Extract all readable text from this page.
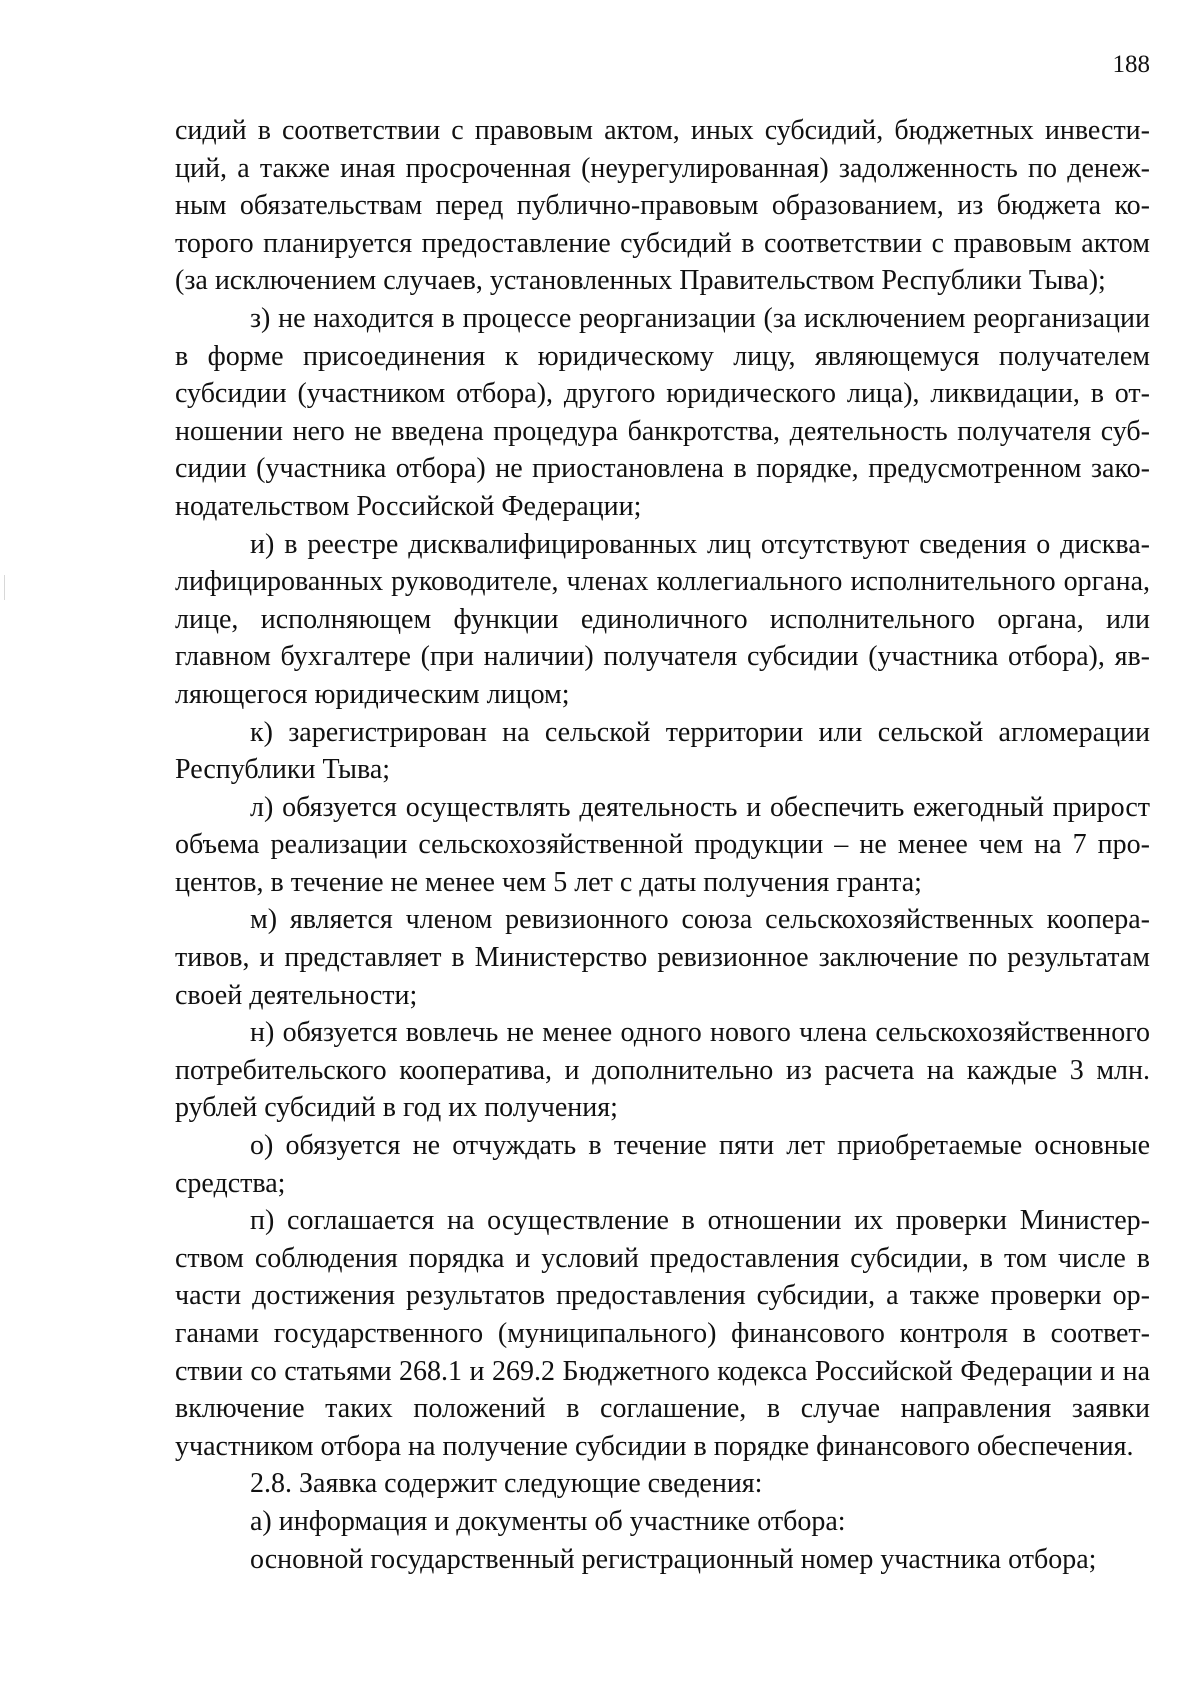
188

сидий в соответствии с правовым актом, иных субсидий, бюджетных инвестиций, а также иная просроченная (неурегулированная) задолженность по денежным обязательствам перед публично-правовым образованием, из бюджета которого планируется предоставление субсидий в соответствии с правовым актом (за исключением случаев, установленных Правительством Республики Тыва);

з) не находится в процессе реорганизации (за исключением реорганизации в форме присоединения к юридическому лицу, являющемуся получателем субсидии (участником отбора), другого юридического лица), ликвидации, в отношении него не введена процедура банкротства, деятельность получателя субсидии (участника отбора) не приостановлена в порядке, предусмотренном законодательством Российской Федерации;

и) в реестре дисквалифицированных лиц отсутствуют сведения о дисквалифицированных руководителе, членах коллегиального исполнительного органа, лице, исполняющем функции единоличного исполнительного органа, или главном бухгалтере (при наличии) получателя субсидии (участника отбора), являющегося юридическим лицом;

к) зарегистрирован на сельской территории или сельской агломерации Республики Тыва;

л) обязуется осуществлять деятельность и обеспечить ежегодный прирост объема реализации сельскохозяйственной продукции – не менее чем на 7 процентов, в течение не менее чем 5 лет с даты получения гранта;

м) является членом ревизионного союза сельскохозяйственных кооперативов, и представляет в Министерство ревизионное заключение по результатам своей деятельности;

н) обязуется вовлечь не менее одного нового члена сельскохозяйственного потребительского кооператива, и дополнительно из расчета на каждые 3 млн. рублей субсидий в год их получения;

о) обязуется не отчуждать в течение пяти лет приобретаемые основные средства;

п) соглашается на осуществление в отношении их проверки Министерством соблюдения порядка и условий предоставления субсидии, в том числе в части достижения результатов предоставления субсидии, а также проверки органами государственного (муниципального) финансового контроля в соответствии со статьями 268.1 и 269.2 Бюджетного кодекса Российской Федерации и на включение таких положений в соглашение, в случае направления заявки участником отбора на получение субсидии в порядке финансового обеспечения.

2.8. Заявка содержит следующие сведения:

а) информация и документы об участнике отбора:

основной государственный регистрационный номер участника отбора;
